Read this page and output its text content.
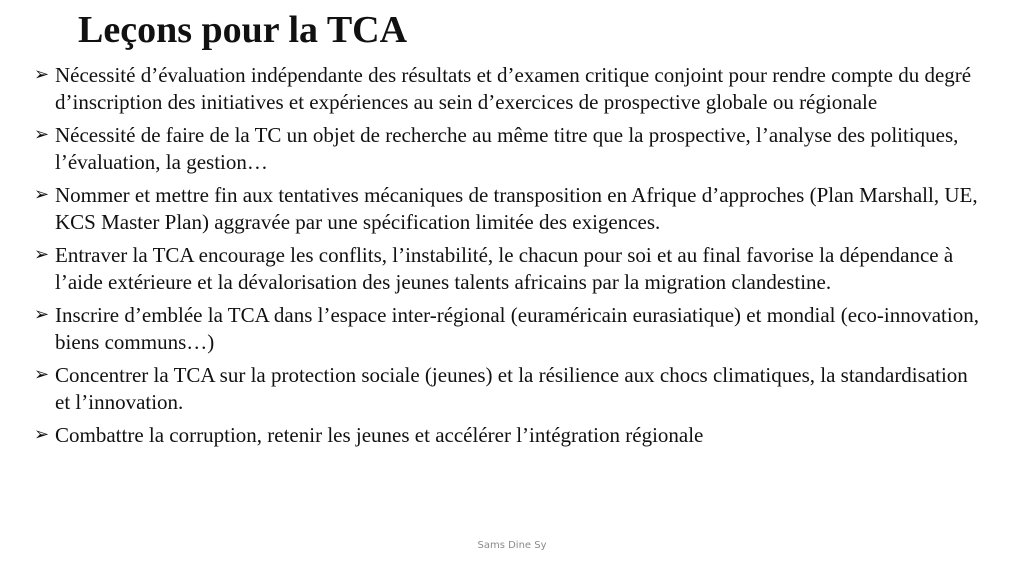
Leçons pour la TCA
➢ Nécessité d’évaluation indépendante des résultats et d’examen critique conjoint pour rendre compte du degré d’inscription des initiatives et expériences au sein d’exercices de prospective globale ou régionale
➢ Nécessité de faire de la TC un objet de recherche au même titre que la prospective, l’analyse des politiques, l’évaluation, la gestion…
➢ Nommer et mettre fin aux tentatives mécaniques de transposition en Afrique d’approches (Plan Marshall, UE, KCS Master Plan) aggravée par une spécification limitée des exigences.
➢ Entraver la TCA encourage les conflits, l’instabilité, le chacun pour soi et au final favorise la dépendance à l’aide extérieure et la dévalorisation des jeunes talents africains par la migration clandestine.
➢ Inscrire d’emblée la TCA dans l’espace inter-régional (euraméricain eurasiatique) et mondial (eco-innovation, biens communs…)
➢ Concentrer la TCA sur la protection sociale (jeunes) et la résilience aux chocs climatiques, la standardisation et l’innovation.
➢ Combattre la corruption, retenir les jeunes et accélérer l’intégration régionale
Sams Dine Sy
